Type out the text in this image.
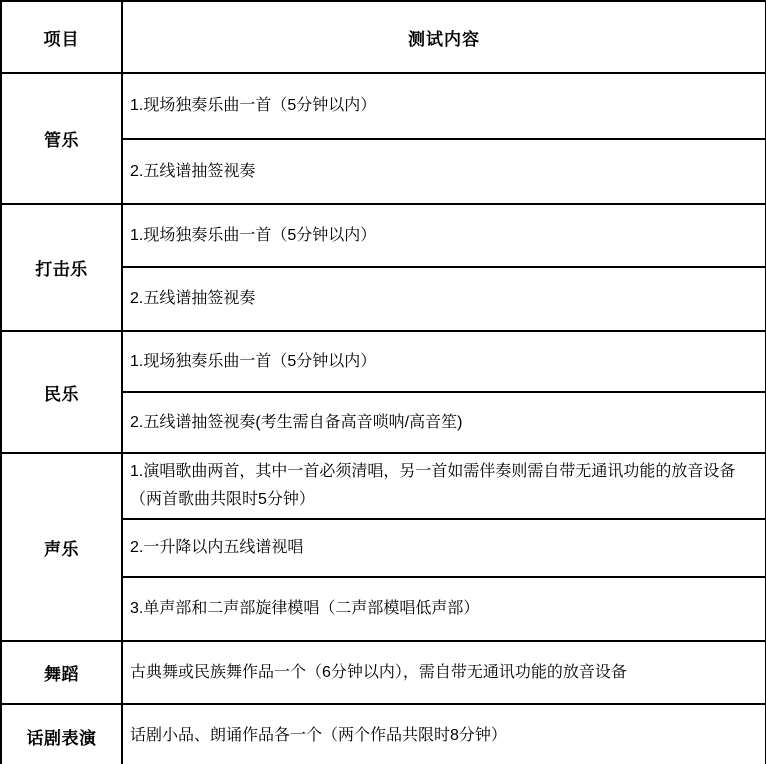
项目	测试内容
管乐	1.现场独奏乐曲一首（5分钟以内）
	2.五线谱抽签视奏
打击乐	1.现场独奏乐曲一首（5分钟以内）
	2.五线谱抽签视奏
民乐	1.现场独奏乐曲一首（5分钟以内）
	2.五线谱抽签视奏(考生需自备高音唢呐/高音笙)
声乐	1.演唱歌曲两首，其中一首必须清唱，另一首如需伴奏则需自带无通讯功能的放音设备（两首歌曲共限时5分钟）
	2.一升降以内五线谱视唱
	3.单声部和二声部旋律模唱（二声部模唱低声部）
舞蹈	古典舞或民族舞作品一个（6分钟以内），需自带无通讯功能的放音设备
话剧表演	话剧小品、朗诵作品各一个（两个作品共限时8分钟）
